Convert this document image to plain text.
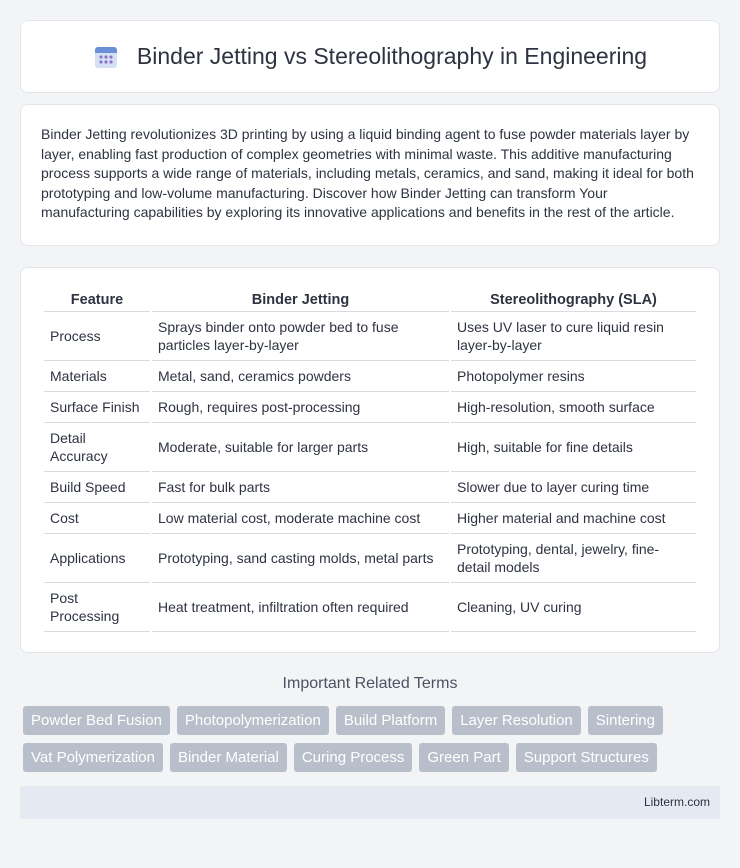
Binder Jetting vs Stereolithography in Engineering

Binder Jetting revolutionizes 3D printing by using a liquid binding agent to fuse powder materials layer by layer, enabling fast production of complex geometries with minimal waste. This additive manufacturing process supports a wide range of materials, including metals, ceramics, and sand, making it ideal for both prototyping and low-volume manufacturing. Discover how Binder Jetting can transform Your manufacturing capabilities by exploring its innovative applications and benefits in the rest of the article.

Feature	Binder Jetting	Stereolithography (SLA)
Process	Sprays binder onto powder bed to fuse particles layer-by-layer	Uses UV laser to cure liquid resin layer-by-layer
Materials	Metal, sand, ceramics powders	Photopolymer resins
Surface Finish	Rough, requires post-processing	High-resolution, smooth surface
Detail Accuracy	Moderate, suitable for larger parts	High, suitable for fine details
Build Speed	Fast for bulk parts	Slower due to layer curing time
Cost	Low material cost, moderate machine cost	Higher material and machine cost
Applications	Prototyping, sand casting molds, metal parts	Prototyping, dental, jewelry, fine-detail models
Post Processing	Heat treatment, infiltration often required	Cleaning, UV curing
Important Related Terms
Powder Bed Fusion	Photopolymerization	Build Platform	Layer Resolution	Sintering
Vat Polymerization	Binder Material	Curing Process	Green Part	Support Structures
Libterm.com
